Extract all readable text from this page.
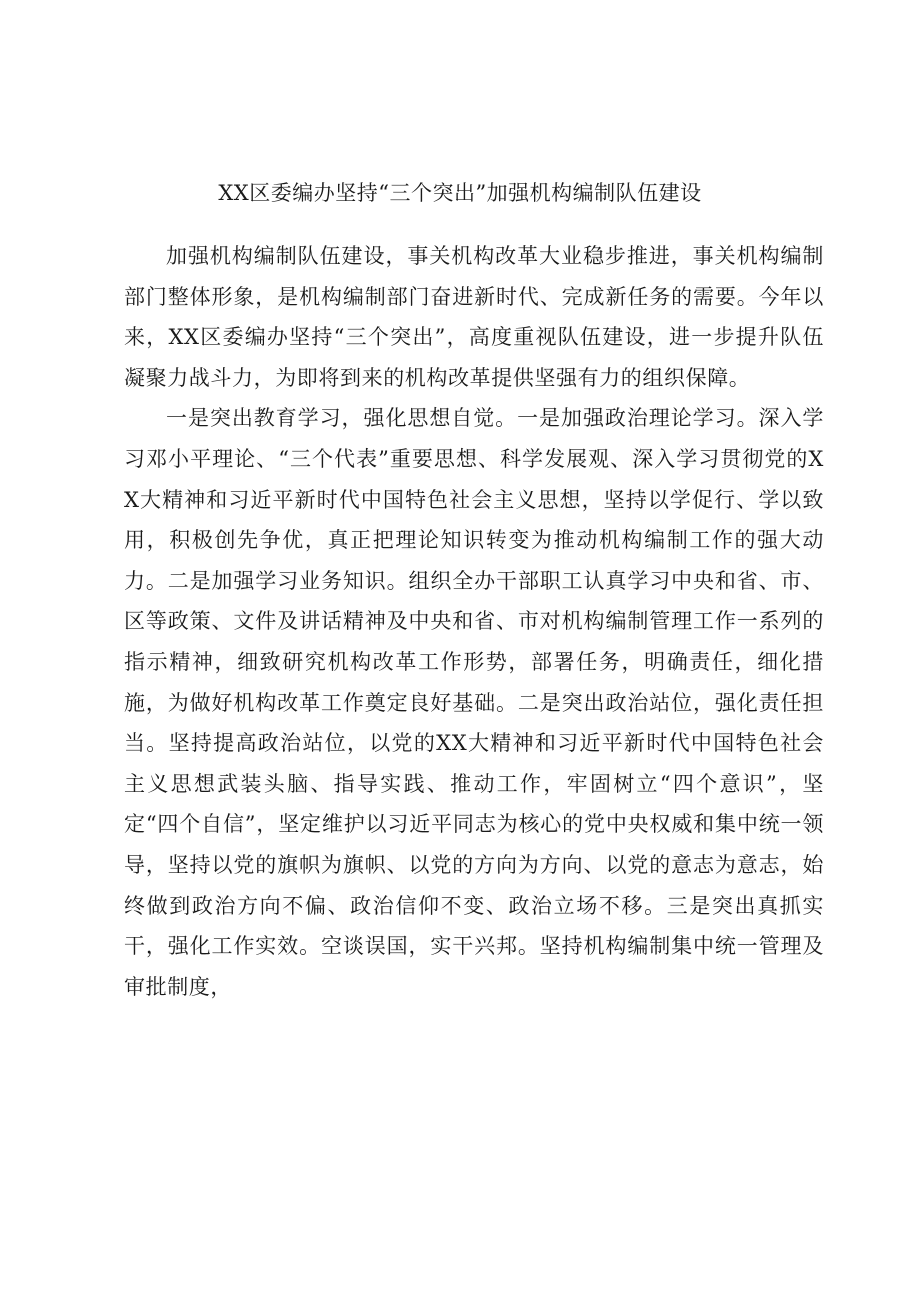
XX区委编办坚持“三个突出”加强机构编制队伍建设

加强机构编制队伍建设，事关机构改革大业稳步推进，事关机构编制部门整体形象，是机构编制部门奋进新时代、完成新任务的需要。今年以来，XX区委编办坚持“三个突出”，高度重视队伍建设，进一步提升队伍凝聚力战斗力，为即将到来的机构改革提供坚强有力的组织保障。

一是突出教育学习，强化思想自觉。一是加强政治理论学习。深入学习邓小平理论、“三个代表”重要思想、科学发展观、深入学习贯彻党的XX大精神和习近平新时代中国特色社会主义思想，坚持以学促行、学以致用，积极创先争优，真正把理论知识转变为推动机构编制工作的强大动力。二是加强学习业务知识。组织全办干部职工认真学习中央和省、市、区等政策、文件及讲话精神及中央和省、市对机构编制管理工作一系列的指示精神，细致研究机构改革工作形势，部署任务，明确责任，细化措施，为做好机构改革工作奠定良好基础。二是突出政治站位，强化责任担当。坚持提高政治站位，以党的XX大精神和习近平新时代中国特色社会主义思想武装头脑、指导实践、推动工作，牢固树立“四个意识”，坚定“四个自信”，坚定维护以习近平同志为核心的党中央权威和集中统一领导，坚持以党的旗帜为旗帜、以党的方向为方向、以党的意志为意志，始终做到政治方向不偏、政治信仰不变、政治立场不移。三是突出真抓实干，强化工作实效。空谈误国，实干兴邦。坚持机构编制集中统一管理及审批制度，
